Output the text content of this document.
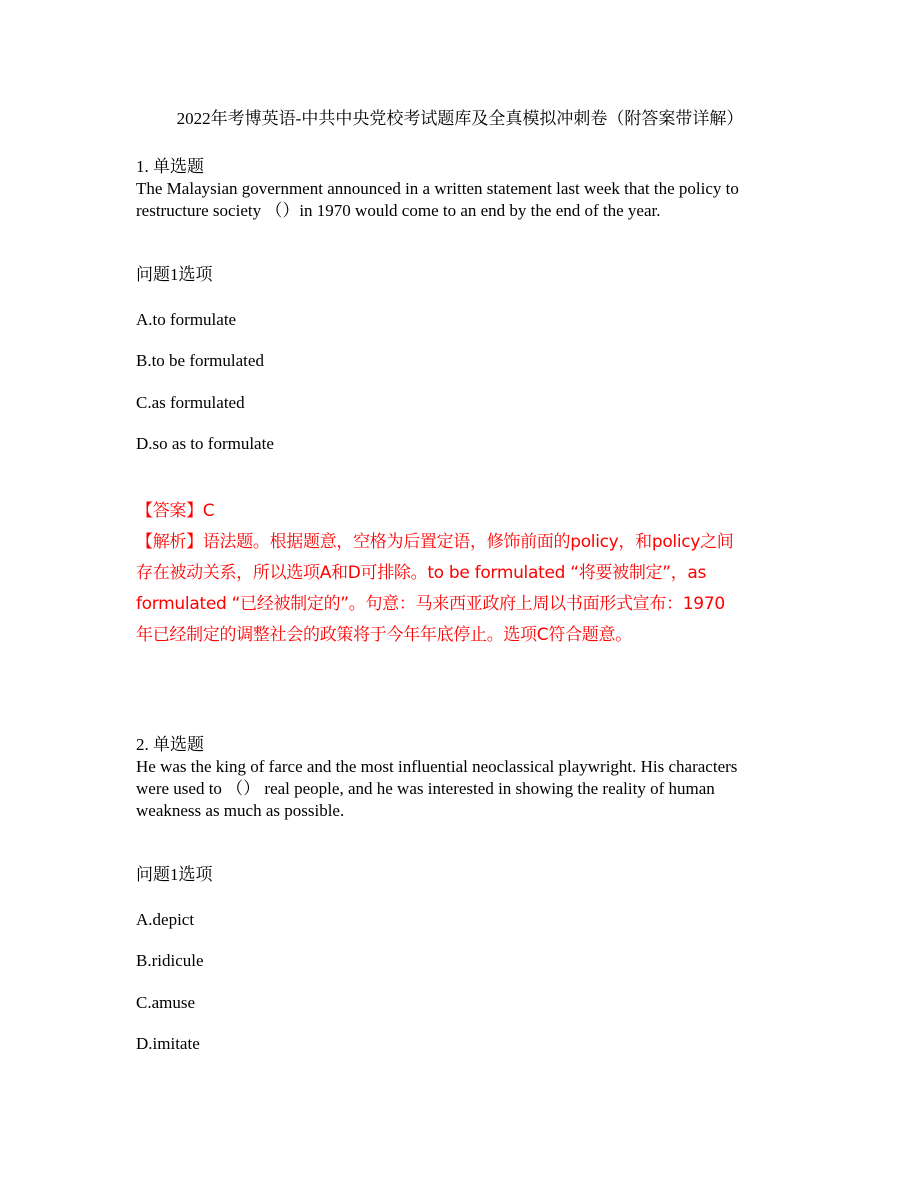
2022年考博英语-中共中央党校考试题库及全真模拟冲刺卷（附答案带详解）
1. 单选题
The Malaysian government announced in a written statement last week that the policy to
restructure society （）in 1970 would come to an end by the end of the year.
问题1选项
A.to formulate
B.to be formulated
C.as formulated
D.so as to formulate
【答案】C
【解析】语法题。根据题意，空格为后置定语，修饰前面的policy，和policy之间
存在被动关系，所以选项A和D可排除。to be formulated “将要被制定”，as
formulated “已经被制定的”。句意：马来西亚政府上周以书面形式宣布：1970
年已经制定的调整社会的政策将于今年年底停止。选项C符合题意。
2. 单选题
He was the king of farce and the most influential neoclassical playwright. His characters
were used to （） real people, and he was interested in showing the reality of human
weakness as much as possible.
问题1选项
A.depict
B.ridicule
C.amuse
D.imitate
